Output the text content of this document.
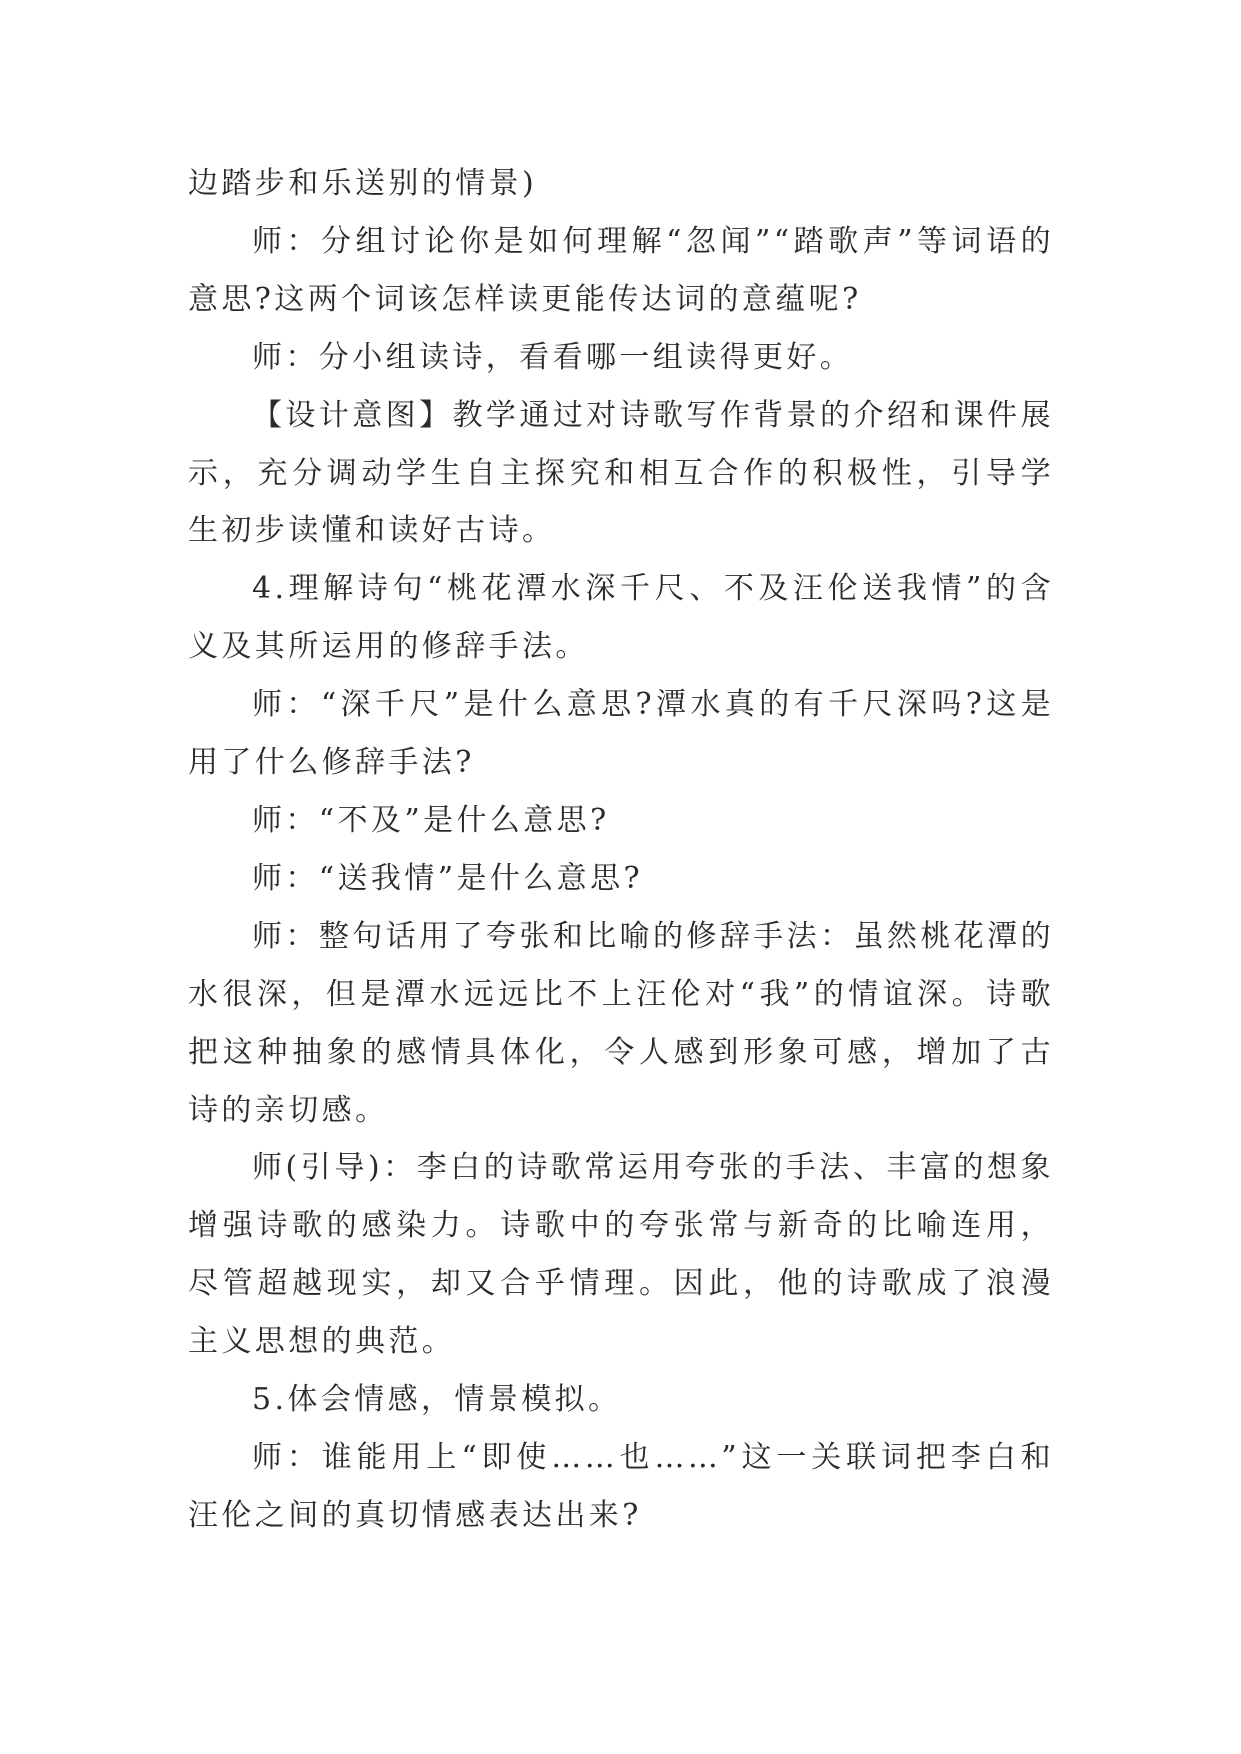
边踏步和乐送别的情景)

师：分组讨论你是如何理解“忽闻”“踏歌声”等词语的意思?这两个词该怎样读更能传达词的意蕴呢?

师：分小组读诗，看看哪一组读得更好。

【设计意图】教学通过对诗歌写作背景的介绍和课件展示，充分调动学生自主探究和相互合作的积极性，引导学生初步读懂和读好古诗。

4.理解诗句“桃花潭水深千尺、不及汪伦送我情”的含义及其所运用的修辞手法。

师：“深千尺”是什么意思?潭水真的有千尺深吗?这是用了什么修辞手法?

师：“不及”是什么意思?

师：“送我情”是什么意思?

师：整句话用了夸张和比喻的修辞手法：虽然桃花潭的水很深，但是潭水远远比不上汪伦对“我”的情谊深。诗歌把这种抽象的感情具体化，令人感到形象可感，增加了古诗的亲切感。

师(引导)：李白的诗歌常运用夸张的手法、丰富的想象增强诗歌的感染力。诗歌中的夸张常与新奇的比喻连用，尽管超越现实，却又合乎情理。因此，他的诗歌成了浪漫主义思想的典范。

5.体会情感，情景模拟。

师：谁能用上“即使……也……”这一关联词把李白和汪伦之间的真切情感表达出来?
